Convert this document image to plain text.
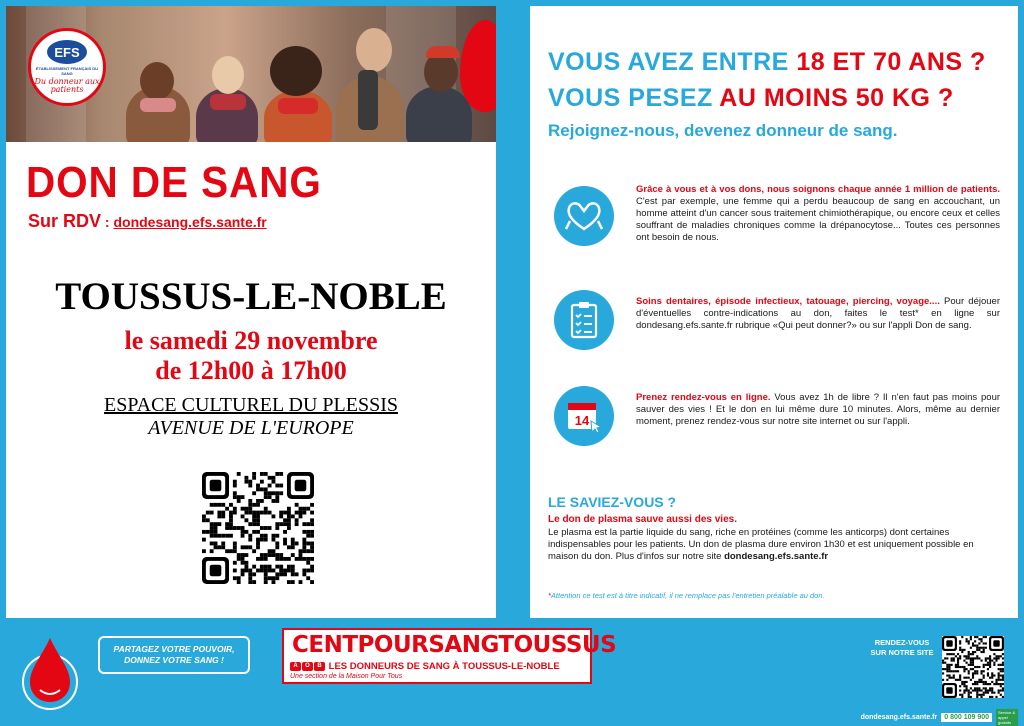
EFS
ÉTABLISSEMENT FRANÇAIS DU SANG
Du donneur aux patients
DON DE SANG
Sur RDV : dondesang.efs.sante.fr
TOUSSUS-LE-NOBLE
le samedi 29 novembre
de 12h00 à 17h00
ESPACE CULTUREL DU PLESSIS
AVENUE DE L'EUROPE
VOUS AVEZ ENTRE 18 ET 70 ANS ?
VOUS PESEZ AU MOINS 50 KG ?
Rejoignez-nous, devenez donneur de sang.
Grâce à vous et à vos dons, nous soignons chaque année 1 million de patients. C'est par exemple, une femme qui a perdu beaucoup de sang en accouchant, un homme atteint d'un cancer sous traitement chimiothérapique, ou encore ceux et celles souffrant de maladies chroniques comme la drépanocytose... Toutes ces personnes ont besoin de nous.
Soins dentaires, épisode infectieux, tatouage, piercing, voyage.... Pour déjouer d'éventuelles contre-indications au don, faites le test* en ligne sur dondesang.efs.sante.fr rubrique «Qui peut donner?» ou sur l'appli Don de sang.
14
Prenez rendez-vous en ligne. Vous avez 1h de libre ? Il n'en faut pas moins pour sauver des vies ! Et le don en lui même dure 10 minutes. Alors, même au dernier moment, prenez rendez-vous sur notre site internet ou sur l'appli.
LE SAVIEZ-VOUS ?
Le don de plasma sauve aussi des vies.
Le plasma est la partie liquide du sang, riche en protéines (comme les anticorps) dont certaines indispensables pour les patients. Un don de plasma dure environ 1h30 et est uniquement possible en maison du don. Plus d'infos sur notre site dondesang.efs.sante.fr
*Attention ce test est à titre indicatif, il ne remplace pas l'entretien préalable au don.
PARTAGEZ VOTRE POUVOIR,
DONNEZ VOTRE SANG !
CENTPOURSANGTOUSSUS
A O B LES DONNEURS DE SANG À TOUSSUS-LE-NOBLE
Une section de la Maison Pour Tous
RENDEZ-VOUS
SUR NOTRE SITE
dondesang.efs.sante.fr	0 800 109 900
Service & appel gratuits
